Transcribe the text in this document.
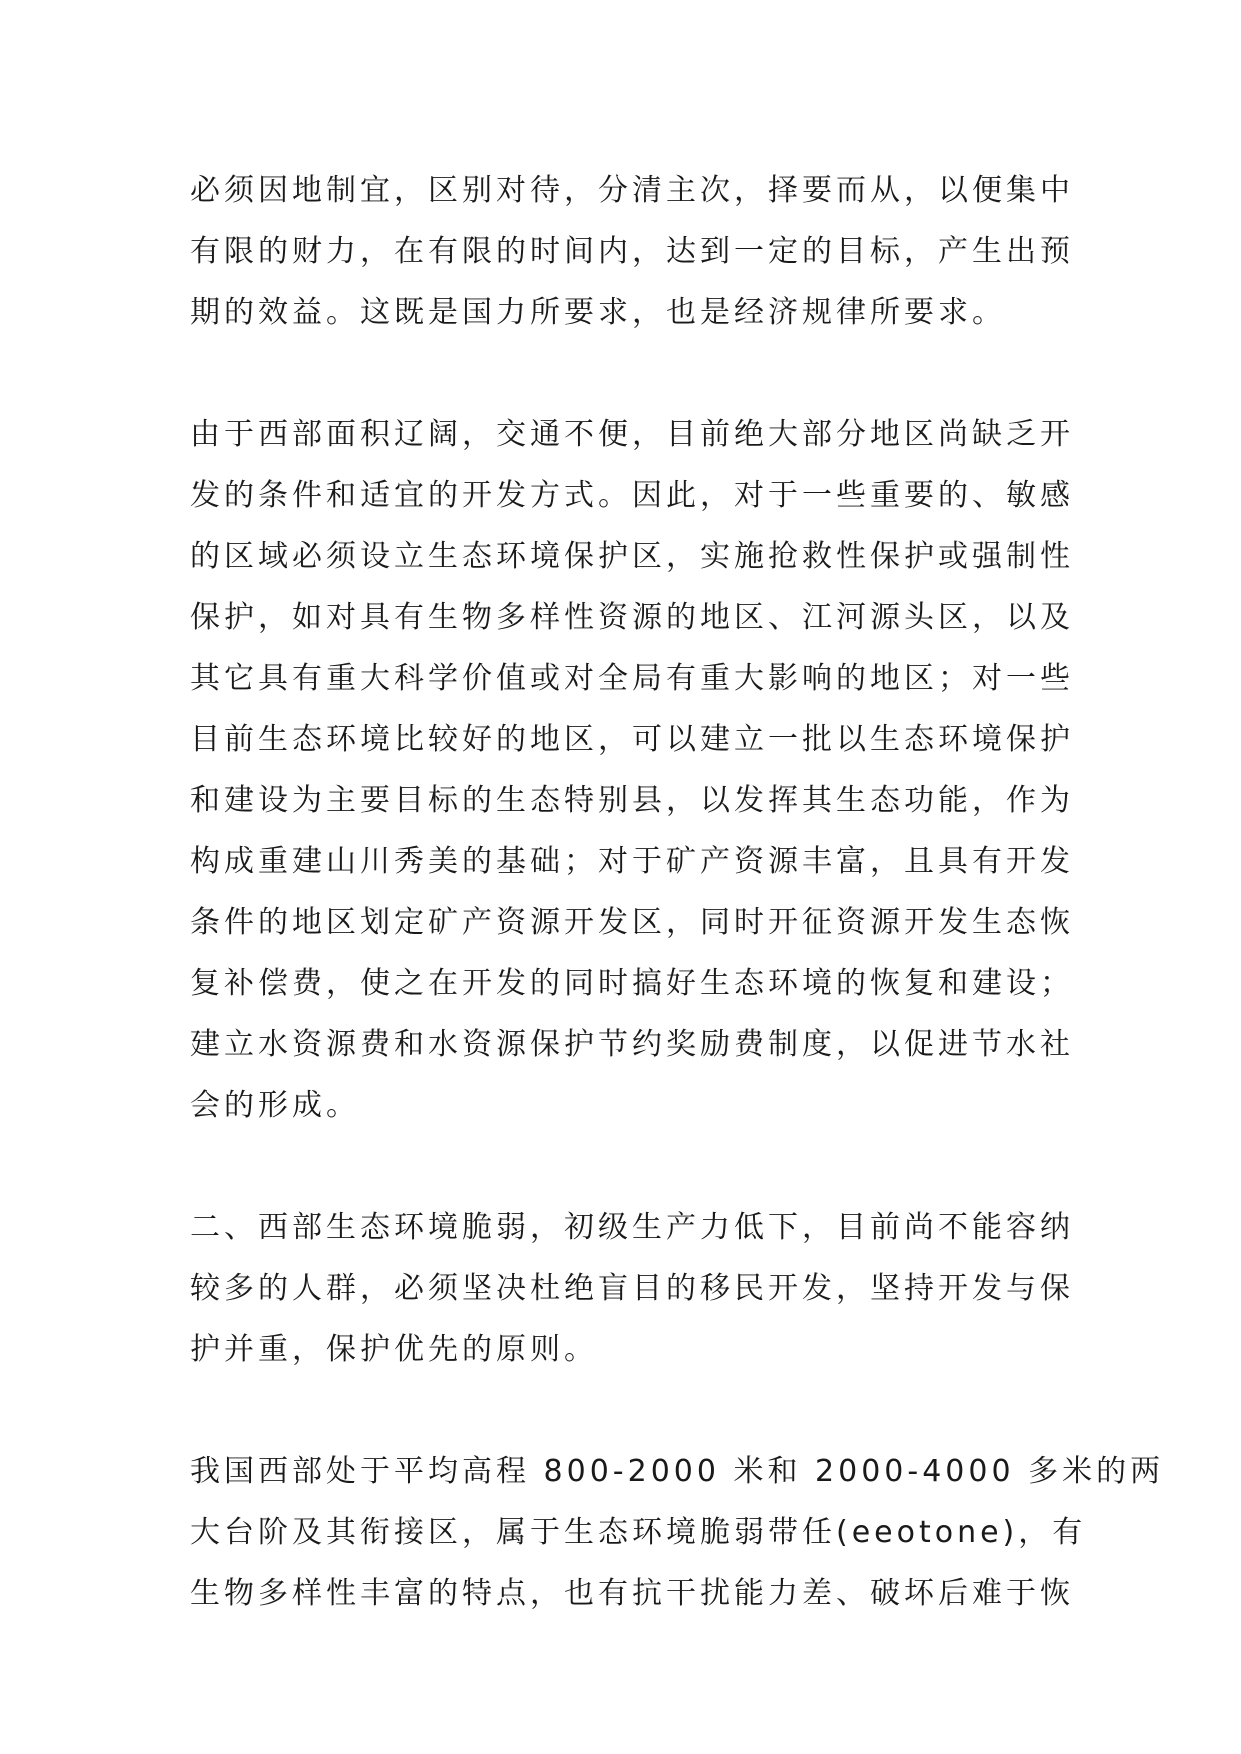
必须因地制宜，区别对待，分清主次，择要而从，以便集中
有限的财力，在有限的时间内，达到一定的目标，产生出预
期的效益。这既是国力所要求，也是经济规律所要求。
由于西部面积辽阔，交通不便，目前绝大部分地区尚缺乏开
发的条件和适宜的开发方式。因此，对于一些重要的、敏感
的区域必须设立生态环境保护区，实施抢救性保护或强制性
保护，如对具有生物多样性资源的地区、江河源头区，以及
其它具有重大科学价值或对全局有重大影响的地区；对一些
目前生态环境比较好的地区，可以建立一批以生态环境保护
和建设为主要目标的生态特别县，以发挥其生态功能，作为
构成重建山川秀美的基础；对于矿产资源丰富，且具有开发
条件的地区划定矿产资源开发区，同时开征资源开发生态恢
复补偿费，使之在开发的同时搞好生态环境的恢复和建设；
建立水资源费和水资源保护节约奖励费制度，以促进节水社
会的形成。
二、西部生态环境脆弱，初级生产力低下，目前尚不能容纳
较多的人群，必须坚决杜绝盲目的移民开发，坚持开发与保
护并重，保护优先的原则。
我国西部处于平均高程 800-2000 米和 2000-4000 多米的两
大台阶及其衔接区，属于生态环境脆弱带任(eeotone)，有
生物多样性丰富的特点，也有抗干扰能力差、破坏后难于恢
